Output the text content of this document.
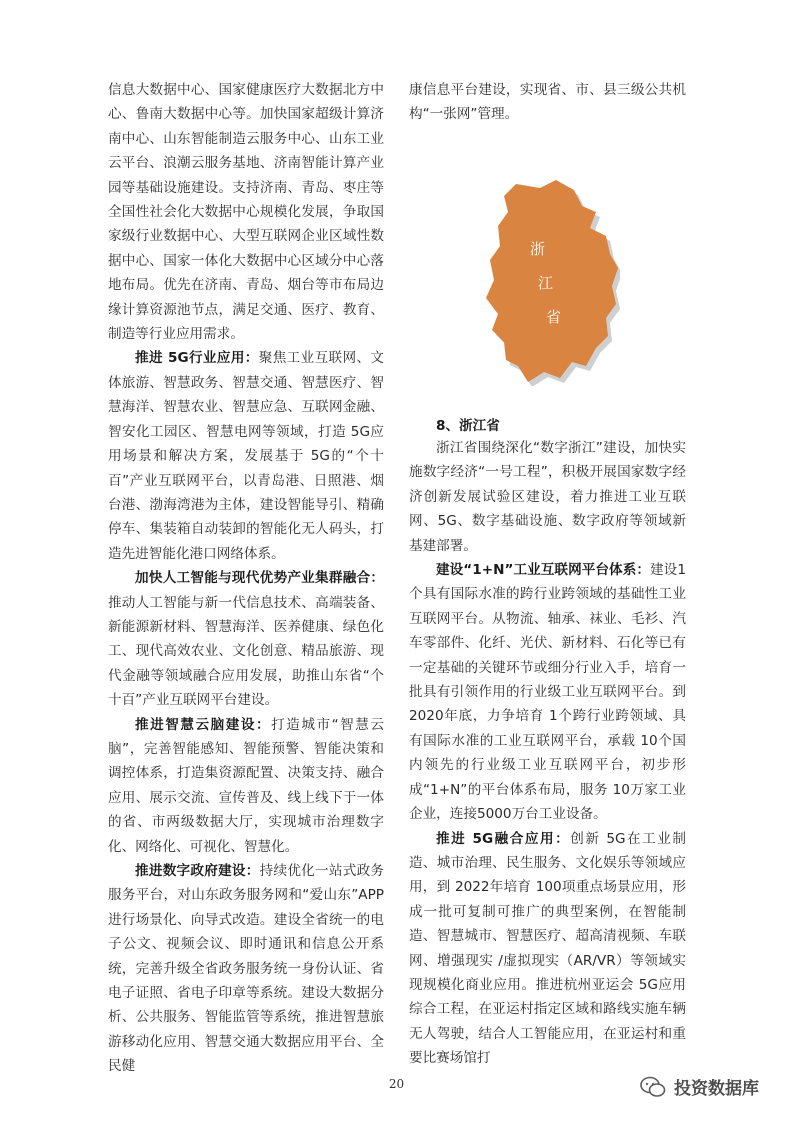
信息大数据中心、国家健康医疗大数据北方中心、鲁南大数据中心等。加快国家超级计算济南中心、山东智能制造云服务中心、山东工业云平台、浪潮云服务基地、济南智能计算产业园等基础设施建设。支持济南、青岛、枣庄等全国性社会化大数据中心规模化发展，争取国家级行业数据中心、大型互联网企业区域性数据中心、国家一体化大数据中心区域分中心落地布局。优先在济南、青岛、烟台等市布局边缘计算资源池节点，满足交通、医疗、教育、制造等行业应用需求。

推进 5G行业应用：聚焦工业互联网、文体旅游、智慧政务、智慧交通、智慧医疗、智慧海洋、智慧农业、智慧应急、互联网金融、智安化工园区、智慧电网等领域，打造 5G应用场景和解决方案，发展基于 5G的“个十百”产业互联网平台，以青岛港、日照港、烟台港、渤海湾港为主体，建设智能导引、精确停车、集装箱自动装卸的智能化无人码头，打造先进智能化港口网络体系。

加快人工智能与现代优势产业集群融合：推动人工智能与新一代信息技术、高端装备、新能源新材料、智慧海洋、医养健康、绿色化工、现代高效农业、文化创意、精品旅游、现代金融等领域融合应用发展，助推山东省“个十百”产业互联网平台建设。

推进智慧云脑建设：打造城市“智慧云脑”，完善智能感知、智能预警、智能决策和调控体系，打造集资源配置、决策支持、融合应用、展示交流、宣传普及、线上线下于一体的省、市两级数据大厅，实现城市治理数字化、网络化、可视化、智慧化。

推进数字政府建设：持续优化一站式政务服务平台，对山东政务服务网和“爱山东”APP进行场景化、向导式改造。建设全省统一的电子公文、视频会议、即时通讯和信息公开系统，完善升级全省政务服务统一身份认证、省电子证照、省电子印章等系统。建设大数据分析、公共服务、智能监管等系统，推进智慧旅游移动化应用、智慧交通大数据应用平台、全民健

康信息平台建设，实现省、市、县三级公共机构“一张网”管理。

浙
江
省
8、浙江省

浙江省围绕深化“数字浙江”建设，加快实施数字经济“一号工程”，积极开展国家数字经济创新发展试验区建设，着力推进工业互联网、5G、数字基础设施、数字政府等领域新基建部署。

建设“1+N”工业互联网平台体系：建设1个具有国际水准的跨行业跨领域的基础性工业互联网平台。从物流、轴承、袜业、毛衫、汽车零部件、化纤、光伏、新材料、石化等已有一定基础的关键环节或细分行业入手，培育一批具有引领作用的行业级工业互联网平台。到2020年底，力争培育 1个跨行业跨领域、具有国际水准的工业互联网平台，承载 10个国内领先的行业级工业互联网平台，初步形成“1+N”的平台体系布局，服务 10万家工业企业，连接5000万台工业设备。

推进 5G融合应用：创新 5G在工业制造、城市治理、民生服务、文化娱乐等领域应用，到 2022年培育 100项重点场景应用，形成一批可复制可推广的典型案例，在智能制造、智慧城市、智慧医疗、超高清视频、车联网、增强现实 /虚拟现实（AR/VR）等领域实现规模化商业应用。推进杭州亚运会 5G应用综合工程，在亚运村指定区域和路线实施车辆无人驾驶，结合人工智能应用，在亚运村和重要比赛场馆打

20	投资数据库
